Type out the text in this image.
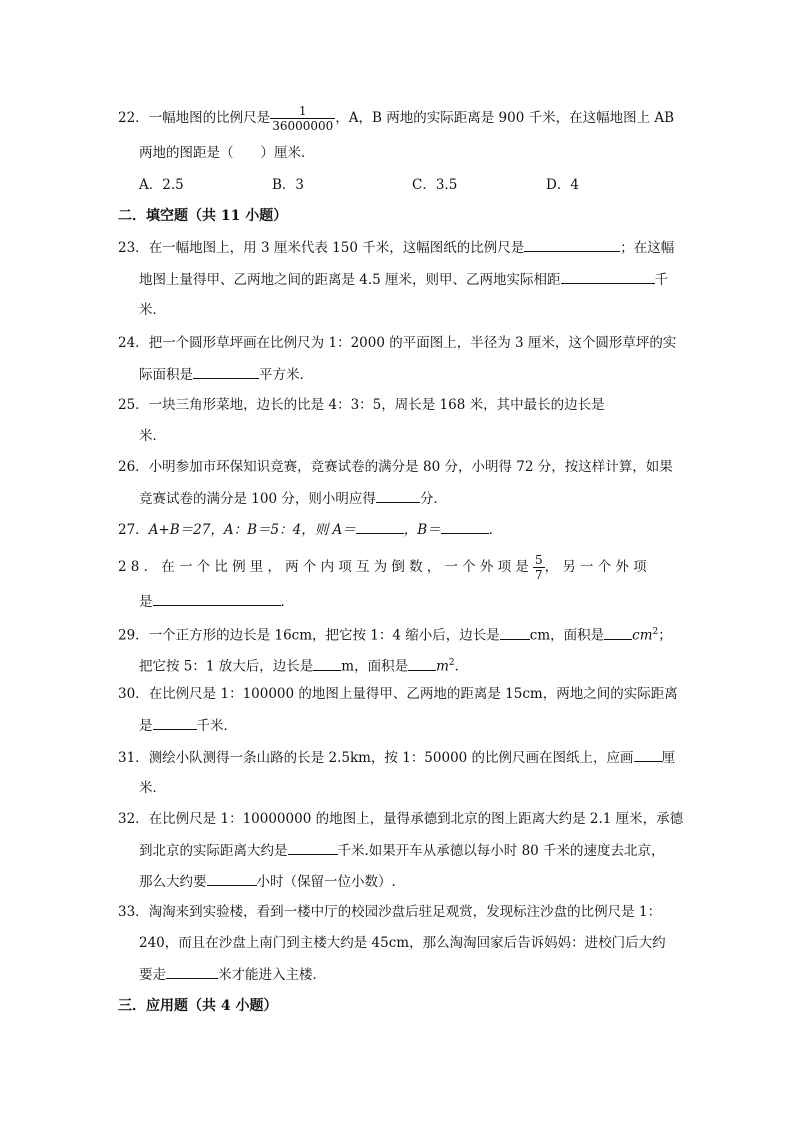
22．一幅地图的比例尺是 $\frac{1}{36000000}$ ，A，B 两地的实际距离是 900 千米，在这幅地图上 AB
两地的图距是（　　）厘米．
A．2.5	B．3	C．3.5	D．4
二．填空题（共 11 小题）
23．在一幅地图上，用 3 厘米代表 150 千米，这幅图纸的比例尺是	；在这幅
地图上量得甲、乙两地之间的距离是 4.5 厘米，则甲、乙两地实际相距	千
米．
24．把一个圆形草坪画在比例尺为 1：2000 的平面图上，半径为 3 厘米，这个圆形草坪的实
际面积是	平方米．
25．一块三角形菜地，边长的比是 4：3：5，周长是 168 米，其中最长的边长是
米．
26．小明参加市环保知识竞赛，竞赛试卷的满分是 80 分，小明得 72 分，按这样计算，如果
竞赛试卷的满分是 100 分，则小明应得	分．
27．A+B＝27，A：B＝5：4，则 A＝	，B＝	．
28．在一个比例里，两个内项互为倒数，一个外项是 $\frac{5}{7}$ ，另一个外项
是	．
29．一个正方形的边长是 16cm，把它按 1：4 缩小后，边长是 cm，面积是 $cm^2$；
把它按 5：1 放大后，边长是 m，面积是 $m^2$．
30．在比例尺是 1：100000 的地图上量得甲、乙两地的距离是 15cm，两地之间的实际距离
是	千米．
31．测绘小队测得一条山路的长是 2.5km，按 1：50000 的比例尺画在图纸上，应画 厘
米．
32．在比例尺是 1：10000000 的地图上，量得承德到北京的图上距离大约是 2.1 厘米，承德
到北京的实际距离大约是	千米.如果开车从承德以每小时 80 千米的速度去北京，
那么大约要	小时（保留一位小数）.
33．淘淘来到实验楼，看到一楼中厅的校园沙盘后驻足观赏，发现标注沙盘的比例尺是 1：
240，而且在沙盘上南门到主楼大约是 45cm，那么淘淘回家后告诉妈妈：进校门后大约
要走	米才能进入主楼．
三．应用题（共 4 小题）
